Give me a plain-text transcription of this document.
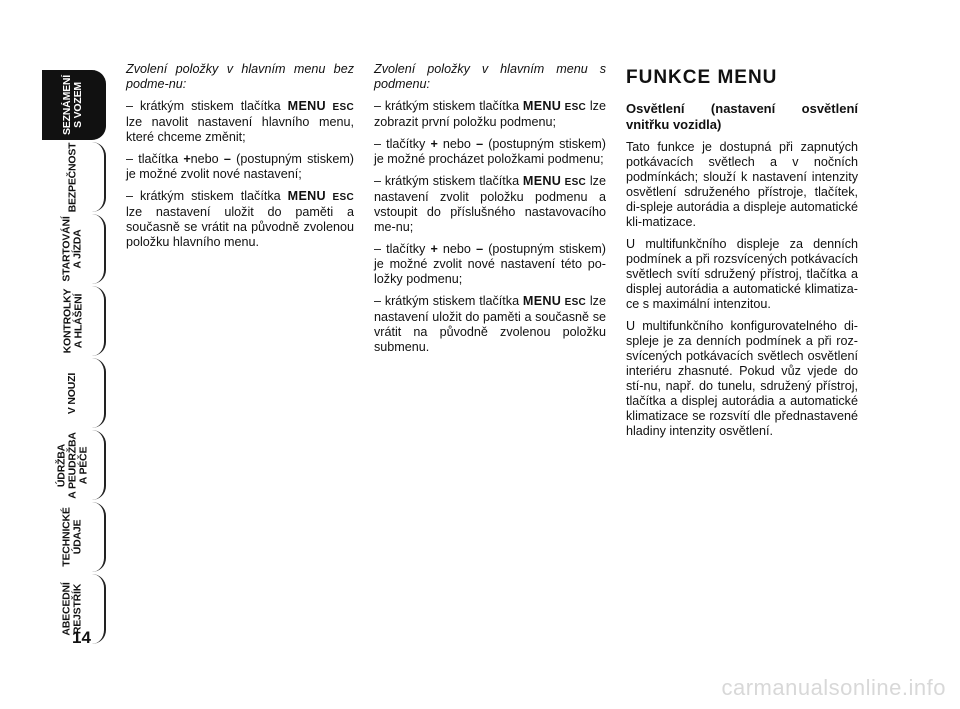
SEZNÁMENÍ
S VOZEM
BEZPEČNOST
STARTOVÁNÍ
A JÍZDA
KONTROLKY
A HLÁŠENÍ
V NOUZI
ÚDRŽBA
A PEUDRŽBA
A PÉČE
TECHNICKÉ
ÚDAJE
ABECEDNÍ
REJSTŘÍK
14

Zvolení položky v hlavním menu bez podme-nu:

– krátkým stiskem tlačítka MENU ESC lze navolit nastavení hlavního menu, které chceme změnit;

– tlačítka +nebo – (postupným stiskem) je možné zvolit nové nastavení;

– krátkým stiskem tlačítka MENU ESC lze nastavení uložit do paměti a současně se vrátit na původně zvolenou položku hlavního menu.

Zvolení položky v hlavním menu s podmenu:

– krátkým stiskem tlačítka MENU ESC lze zobrazit první položku podmenu;

– tlačítky + nebo – (postupným stiskem) je možné procházet položkami podmenu;

– krátkým stiskem tlačítka MENU ESC lze nastavení zvolit položku podmenu a vstoupit do příslušného nastavovacího me-nu;

– tlačítky + nebo – (postupným stiskem) je možné zvolit nové nastavení této po-ložky podmenu;

– krátkým stiskem tlačítka MENU ESC lze nastavení uložit do paměti a současně se vrátit na původně zvolenou položku submenu.

FUNKCE MENU

Osvětlení (nastavení osvětlení vnitřku vozidla)

Tato funkce je dostupná při zapnutých potkávacích světlech a v nočních podmínkách; slouží k nastavení intenzity osvětlení sdruženého přístroje, tlačítek, di-spleje autorádia a displeje automatické kli-matizace.

U multifunkčního displeje za denních podmínek a při rozsvícených potkávacích světlech svítí sdružený přístroj, tlačítka a displej autorádia a automatické klimatiza-ce s maximální intenzitou.

U multifunkčního konfigurovatelného di-spleje je za denních podmínek a při roz-svícených potkávacích světlech osvětlení interiéru zhasnuté. Pokud vůz vjede do stí-nu, např. do tunelu, sdružený přístroj, tlačítka a displej autorádia a automatické klimatizace se rozsvítí dle přednastavené hladiny intenzity osvětlení.

carmanualsonline.info
